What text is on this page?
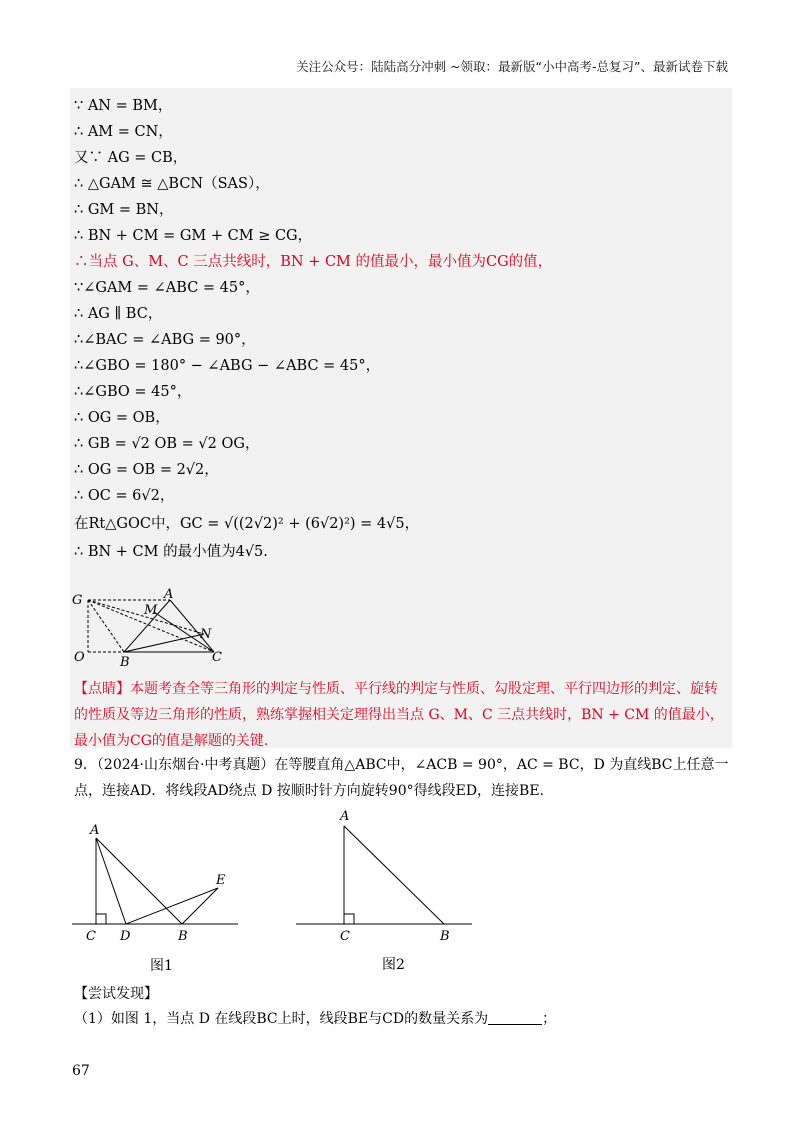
关注公众号：陆陆高分冲刺 ~领取：最新版“小中高考-总复习”、最新试卷下载
∵ AN = BM，
∴ AM = CN，
又∵ AG = CB，
∴ △GAM ≅ △BCN（SAS），
∴ GM = BN，
∴ BN + CM = GM + CM ≥ CG，
∴当点 G、M、C 三点共线时，BN + CM 的值最小，最小值为CG的值，
∵∠GAM = ∠ABC = 45°，
∴ AG ∥ BC，
∴∠BAC = ∠ABG = 90°，
∴∠GBO = 180° − ∠ABG − ∠ABC = 45°，
∴∠GBO = 45°，
∴ OG = OB，
∴ GB = √2 OB = √2 OG，
∴ OG = OB = 2√2，
∴ OC = 6√2，
在Rt△GOC中，GC = √((2√2)² + (6√2)²) = 4√5，
∴ BN + CM 的最小值为4√5.
G	A
M
N
O	B	C
【点睛】本题考查全等三角形的判定与性质、平行线的判定与性质、勾股定理、平行四边形的判定、旋转的性质及等边三角形的性质，熟练掌握相关定理得出当点 G、M、C 三点共线时，BN + CM 的值最小，最小值为CG的值是解题的关键.
9．（2024·山东烟台·中考真题）在等腰直角△ABC中，∠ACB = 90°，AC = BC，D 为直线BC上任意一点，连接AD．将线段AD绕点 D 按顺时针方向旋转90°得线段ED，连接BE.
A
C D	B
E
图1
A
C	B
图2
【尝试发现】
（1）如图 1，当点 D 在线段BC上时，线段BE与CD的数量关系为	；
67
